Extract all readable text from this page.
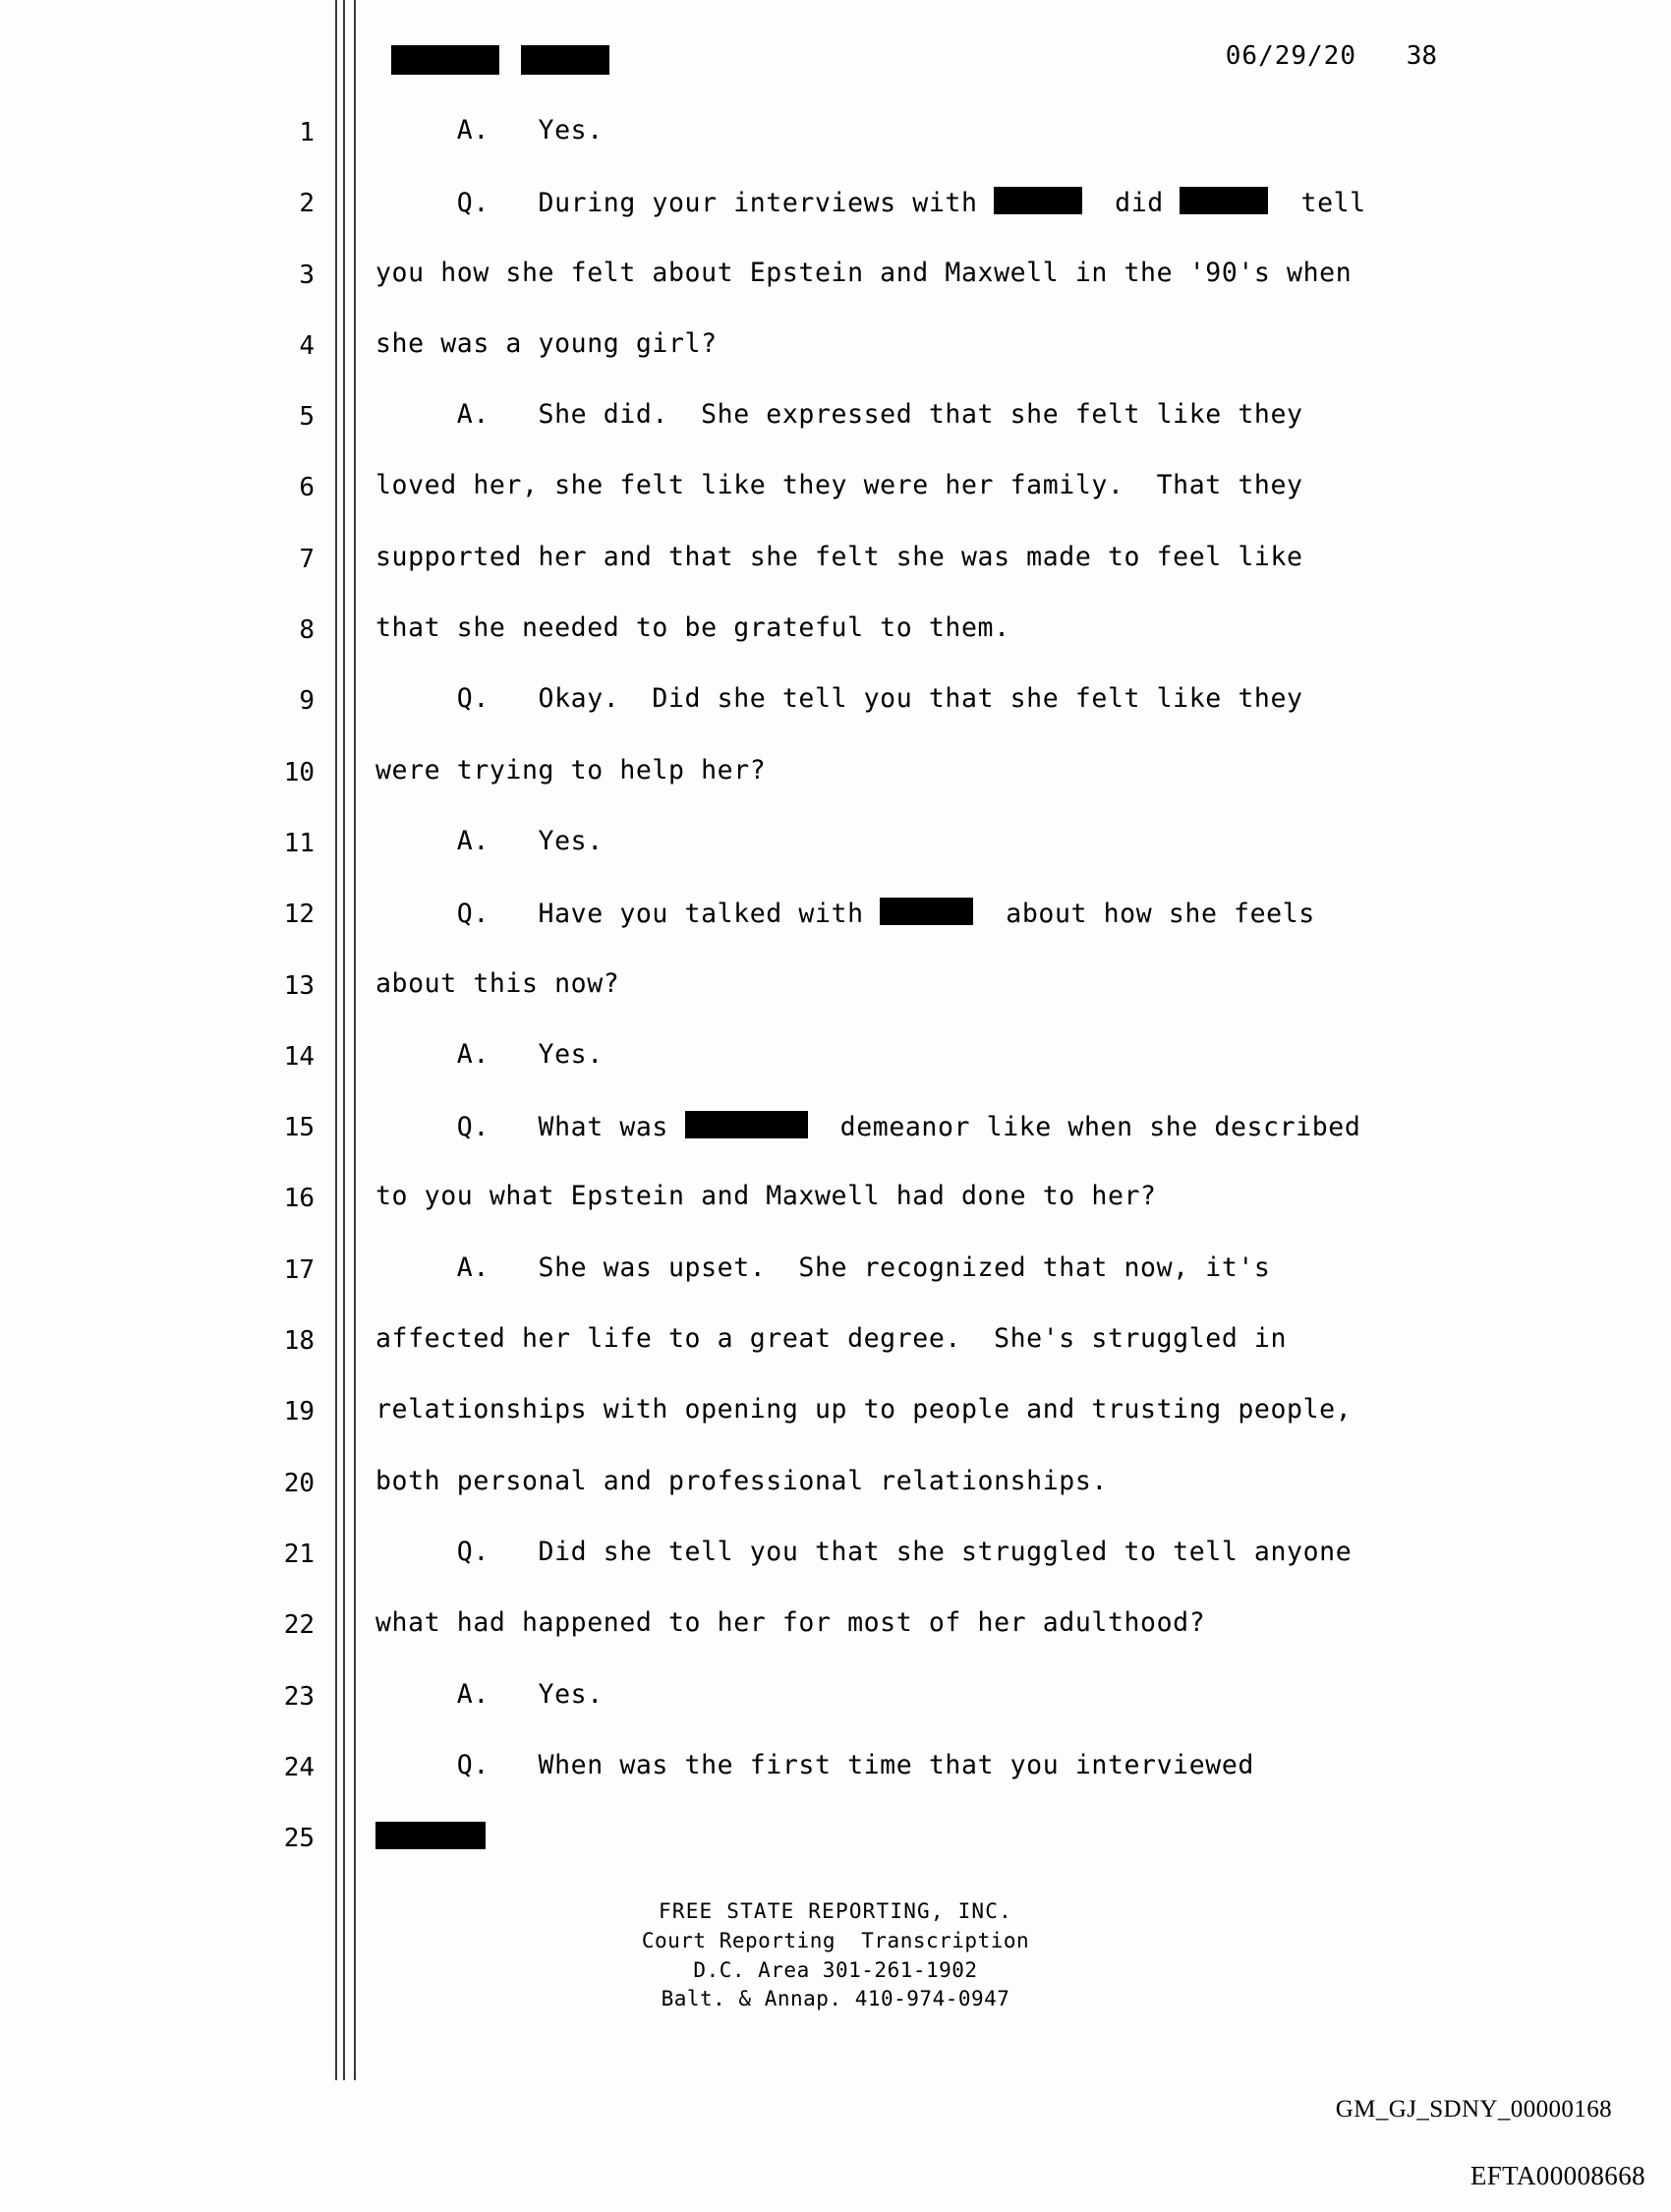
06/29/20 38
1 A.   Yes.
2 Q.   During your interviews with	did	tell
3 you how she felt about Epstein and Maxwell in the '90's when
4 she was a young girl?
5 A.   She did.  She expressed that she felt like they
6 loved her, she felt like they were her family.  That they
7 supported her and that she felt she was made to feel like
8 that she needed to be grateful to them.
9 Q.   Okay.  Did she tell you that she felt like they
10 were trying to help her?
11 A.   Yes.
12 Q.   Have you talked with	about how she feels
13 about this now?
14 A.   Yes.
15 Q.   What was	demeanor like when she described
16 to you what Epstein and Maxwell had done to her?
17 A.   She was upset.  She recognized that now, it's
18 affected her life to a great degree.  She's struggled in
19 relationships with opening up to people and trusting people,
20 both personal and professional relationships.
21 Q.   Did she tell you that she struggled to tell anyone
22 what had happened to her for most of her adulthood?
23 A.   Yes.
24 Q.   When was the first time that you interviewed
25
FREE STATE REPORTING, INC.
Court Reporting  Transcription
D.C. Area 301-261-1902
Balt. & Annap. 410-974-0947
GM_GJ_SDNY_00000168
EFTA00008668
